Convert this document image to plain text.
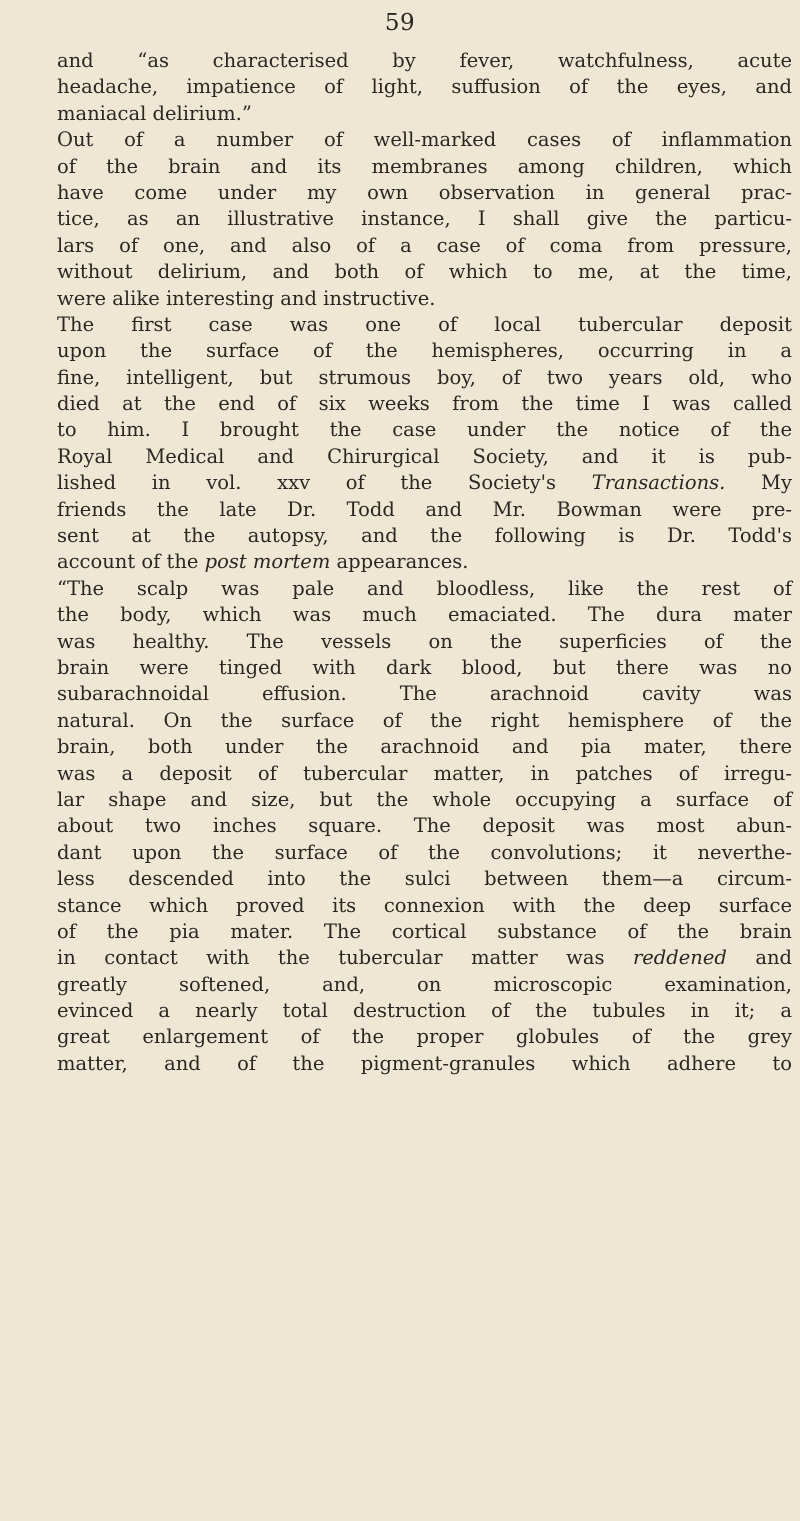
59
and “as characterised by fever, watchfulness, acute
headache, impatience of light, suffusion of the eyes, and
maniacal delirium.”
Out of a number of well-marked cases of inflammation
of the brain and its membranes among children, which
have come under my own observation in general prac-
tice, as an illustrative instance, I shall give the particu-
lars of one, and also of a case of coma from pressure,
without delirium, and both of which to me, at the time,
were alike interesting and instructive.
The first case was one of local tubercular deposit
upon the surface of the hemispheres, occurring in a
fine, intelligent, but strumous boy, of two years old, who
died at the end of six weeks from the time I was called
to him. I brought the case under the notice of the
Royal Medical and Chirurgical Society, and it is pub-
lished in vol. xxv of the Society's Transactions. My
friends the late Dr. Todd and Mr. Bowman were pre-
sent at the autopsy, and the following is Dr. Todd's
account of the post mortem appearances.
“The scalp was pale and bloodless, like the rest of
the body, which was much emaciated. The dura mater
was healthy. The vessels on the superficies of the
brain were tinged with dark blood, but there was no
subarachnoidal effusion. The arachnoid cavity was
natural. On the surface of the right hemisphere of the
brain, both under the arachnoid and pia mater, there
was a deposit of tubercular matter, in patches of irregu-
lar shape and size, but the whole occupying a surface of
about two inches square. The deposit was most abun-
dant upon the surface of the convolutions; it neverthe-
less descended into the sulci between them—a circum-
stance which proved its connexion with the deep surface
of the pia mater. The cortical substance of the brain
in contact with the tubercular matter was reddened and
greatly softened, and, on microscopic examination,
evinced a nearly total destruction of the tubules in it; a
great enlargement of the proper globules of the grey
matter, and of the pigment-granules which adhere to
